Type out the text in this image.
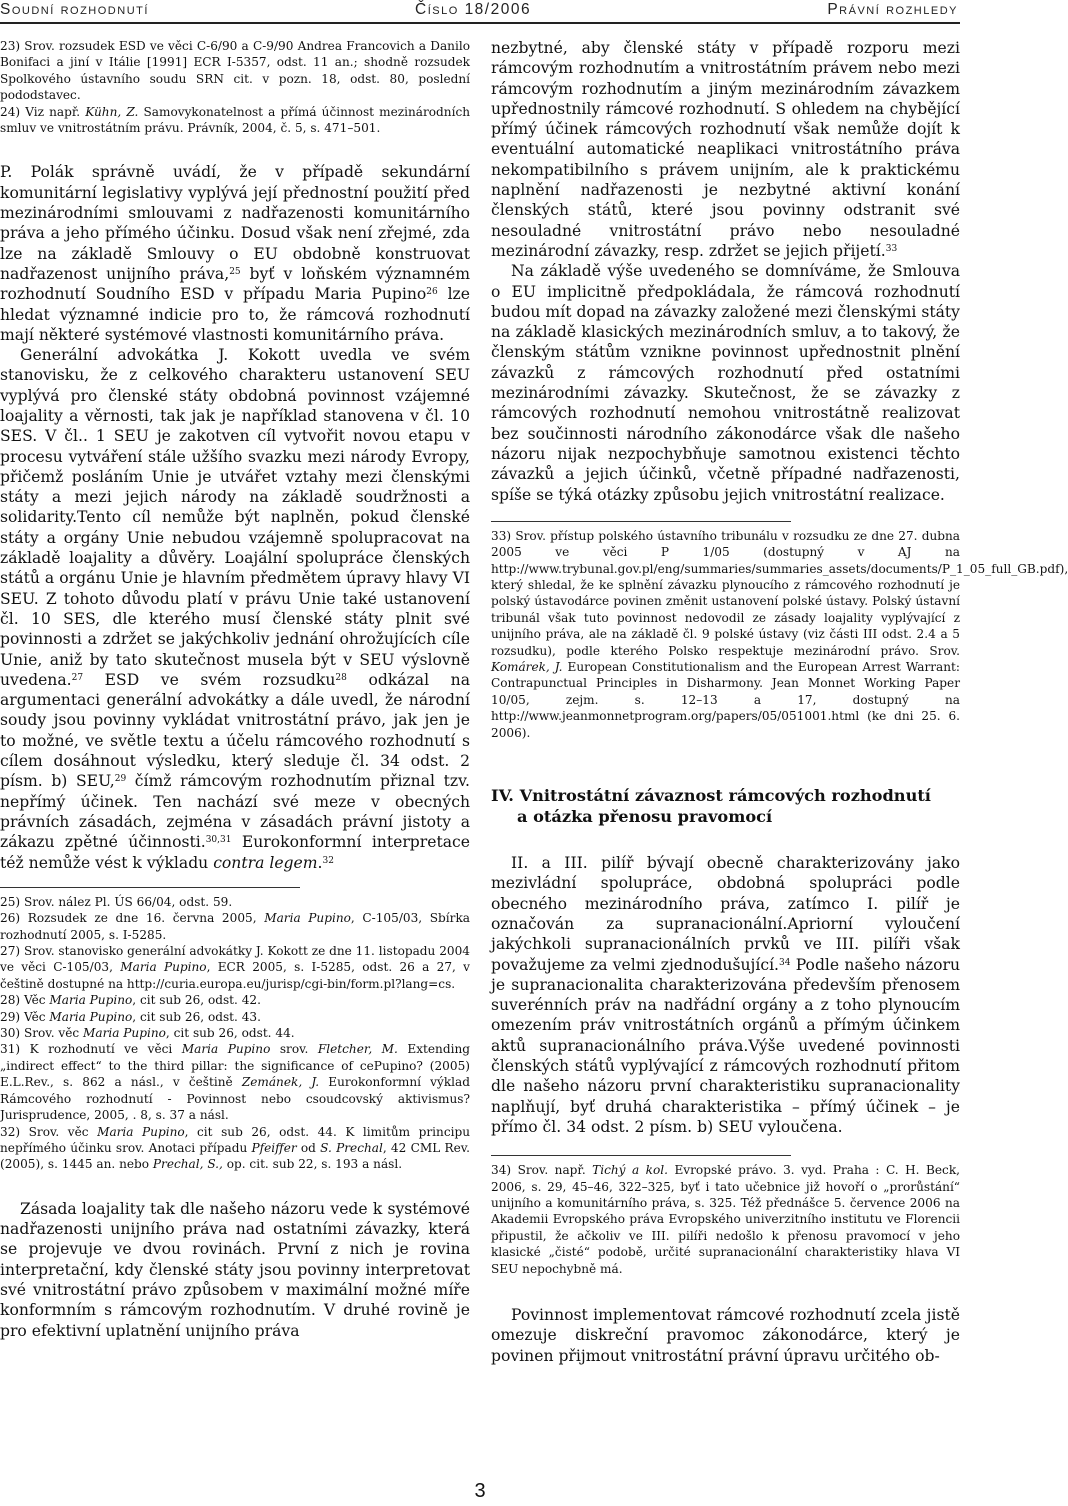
Soudní rozhodnutí	Číslo 18/2006	Právní rozhledy

23) Srov. rozsudek ESD ve věci C-6/90 a C-9/90 Andrea Francovich a Danilo Bonifaci a jiní v Itálie [1991] ECR I-5357, odst. 11 an.; shodně rozsudek Spolkového ústavního soudu SRN cit. v pozn. 18, odst. 80, poslední pododstavec.

24) Viz např. Kühn, Z. Samovykonatelnost a přímá účinnost mezinárodních smluv ve vnitrostátním právu. Právník, 2004, č. 5, s. 471–501.

P. Polák správně uvádí, že v případě sekundární komunitární legislativy vyplývá její přednostní použití před mezinárodními smlouvami z nadřazenosti komunitárního práva a jeho přímého účinku. Dosud však není zřejmé, zda lze na základě Smlouvy o EU obdobně konstruovat nadřazenost unijního práva,$^{25}$ byť v loňském významném rozhodnutí Soudního ESD v případu Maria Pupino$^{26}$ lze hledat významné indicie pro to, že rámcová rozhodnutí mají některé systémové vlastnosti komunitárního práva.

Generální advokátka J. Kokott uvedla ve svém stanovisku, že z celkového charakteru ustanovení SEU vyplývá pro členské státy obdobná povinnost vzájemné loajality a věrnosti, tak jak je například stanovena v čl. 10 SES. V čl.. 1 SEU je zakotven cíl vytvořit novou etapu v procesu vytváření stále užšího svazku mezi národy Evropy, přičemž posláním Unie je utvářet vztahy mezi členskými státy a mezi jejich národy na základě soudržnosti a solidarity.Tento cíl nemůže být naplněn, pokud členské státy a orgány Unie nebudou vzájemně spolupracovat na základě loajality a důvěry. Loajální spolupráce členských států a orgánu Unie je hlavním předmětem úpravy hlavy VI SEU. Z tohoto důvodu platí v právu Unie také ustanovení čl. 10 SES, dle kterého musí členské státy plnit své povinnosti a zdržet se jakýchkoliv jednání ohrožujících cíle Unie, aniž by tato skutečnost musela být v SEU výslovně uvedena.$^{27}$ ESD ve svém rozsudku$^{28}$ odkázal na argumentaci generální advokátky a dále uvedl, že národní soudy jsou povinny vykládat vnitrostátní právo, jak jen je to možné, ve světle textu a účelu rámcového rozhodnutí s cílem dosáhnout výsledku, který sleduje čl. 34 odst. 2 písm. b) SEU,$^{29}$ čímž rámcovým rozhodnutím přiznal tzv. nepřímý účinek. Ten nachází své meze v obecných právních zásadách, zejména v zásadách právní jistoty a zákazu zpětné účinnosti.$^{30,31}$ Eurokonformní interpretace též nemůže vést k výkladu contra legem.$^{32}$

25) Srov. nález Pl. ÚS 66/04, odst. 59.

26) Rozsudek ze dne 16. června 2005, Maria Pupino, C-105/03, Sbírka rozhodnutí 2005, s. I-5285.

27) Srov. stanovisko generální advokátky J. Kokott ze dne 11. listopadu 2004 ve věci C-105/03, Maria Pupino, ECR 2005, s. I-5285, odst. 26 a 27, v češtině dostupné na http://curia.europa.eu/jurisp/cgi-bin/form.pl?lang=cs.

28) Věc Maria Pupino, cit sub 26, odst. 42.

29) Věc Maria Pupino, cit sub 26, odst. 43.

30) Srov. věc Maria Pupino, cit sub 26, odst. 44.

31) K rozhodnutí ve věci Maria Pupino srov. Fletcher, M. Extending „indirect effect“ to the third pillar: the significance of cePupino? (2005) E.L.Rev., s. 862 a násl., v češtině Zemánek, J. Eurokonformní výklad Rámcového rozhodnutí - Povinnost nebo csoudcovský aktivismus? Jurisprudence, 2005, . 8, s. 37 a násl.

32) Srov. věc Maria Pupino, cit sub 26, odst. 44. K limitům principu nepřímého účinku srov. Anotaci případu Pfeiffer od S. Prechal, 42 CML Rev. (2005), s. 1445 an. nebo Prechal, S., op. cit. sub 22, s. 193 a násl.

Zásada loajality tak dle našeho názoru vede k systémové nadřazenosti unijního práva nad ostatními závazky, která se projevuje ve dvou rovinách. První z nich je rovina interpretační, kdy členské státy jsou povinny interpretovat své vnitrostátní právo způsobem v maximální možné míře konformním s rámcovým rozhodnutím. V druhé rovině je pro efektivní uplatnění unijního práva

nezbytné, aby členské státy v případě rozporu mezi rámcovým rozhodnutím a vnitrostátním právem nebo mezi rámcovým rozhodnutím a jiným mezinárodním závazkem upřednostnily rámcové rozhodnutí. S ohledem na chybějící přímý účinek rámcových rozhodnutí však nemůže dojít k eventuální automatické neaplikaci vnitrostátního práva nekompatibilního s právem unijním, ale k praktickému naplnění nadřazenosti je nezbytné aktivní konání členských států, které jsou povinny odstranit své nesouladné vnitrostátní právo nebo nesouladné mezinárodní závazky, resp. zdržet se jejich přijetí.$^{33}$

Na základě výše uvedeného se domníváme, že Smlouva o EU implicitně předpokládala, že rámcová rozhodnutí budou mít dopad na závazky založené mezi členskými státy na základě klasických mezinárodních smluv, a to takový, že členským státům vznikne povinnost upřednostnit plnění závazků z rámcových rozhodnutí před ostatními mezinárodními závazky. Skutečnost, že se závazky z rámcových rozhodnutí nemohou vnitrostátně realizovat bez součinnosti národního zákonodárce však dle našeho názoru nijak nezpochybňuje samotnou existenci těchto závazků a jejich účinků, včetně případné nadřazenosti, spíše se týká otázky způsobu jejich vnitrostátní realizace.

33) Srov. přístup polského ústavního tribunálu v rozsudku ze dne 27. dubna 2005 ve věci P 1/05 (dostupný v AJ na http://www.trybunal.gov.pl/eng/summaries/summaries_assets/documents/P_1_05_full_GB.pdf), který shledal, že ke splnění závazku plynoucího z rámcového rozhodnutí je polský ústavodárce povinen změnit ustanovení polské ústavy. Polský ústavní tribunál však tuto povinnost nedovodil ze zásady loajality vyplývající z unijního práva, ale na základě čl. 9 polské ústavy (viz části III odst. 2.4 a 5 rozsudku), podle kterého Polsko respektuje mezinárodní právo. Srov. Komárek, J. European Constitutionalism and the European Arrest Warrant: Contrapunctual Principles in Disharmony. Jean Monnet Working Paper 10/05, zejm. s. 12–13 a 17, dostupný na http://www.jeanmonnetprogram.org/papers/05/051001.html (ke dni 25. 6. 2006).

IV. Vnitrostátní závaznost rámcových rozhodnutí

a otázka přenosu pravomocí

II. a III. pilíř bývají obecně charakterizovány jako mezivládní spolupráce, obdobná spolupráci podle obecného mezinárodního práva, zatímco I. pilíř je označován za supranacionální.Apriorní vyloučení jakýchkoli supranacionálních prvků ve III. pilíři však považujeme za velmi zjednodušující.$^{34}$ Podle našeho názoru je supranacionalita charakterizována především přenosem suverénních práv na nadřádní orgány a z toho plynoucím omezením práv vnitrostátních orgánů a přímým účinkem aktů supranacionálního práva.Výše uvedené povinnosti členských států vyplývající z rámcových rozhodnutí přitom dle našeho názoru první charakteristiku supranacionality naplňují, byť druhá charakteristika – přímý účinek – je přímo čl. 34 odst. 2 písm. b) SEU vyloučena.

34) Srov. např. Tichý a kol. Evropské právo. 3. vyd. Praha : C. H. Beck, 2006, s. 29, 45–46, 322–325, byť i tato učebnice již hovoří o „prorůstání“ unijního a komunitárního práva, s. 325. Též přednášce 5. července 2006 na Akademii Evropského práva Evropského univerzitního institutu ve Florencii připustil, že ačkoliv ve III. pilíři nedošlo k přenosu pravomocí v jeho klasické „čisté“ podobě, určité supranacionální charakteristiky hlava VI SEU nepochybně má.

Povinnost implementovat rámcové rozhodnutí zcela jistě omezuje diskreční pravomoc zákonodárce, který je povinen přijmout vnitrostátní právní úpravu určitého ob-

3
